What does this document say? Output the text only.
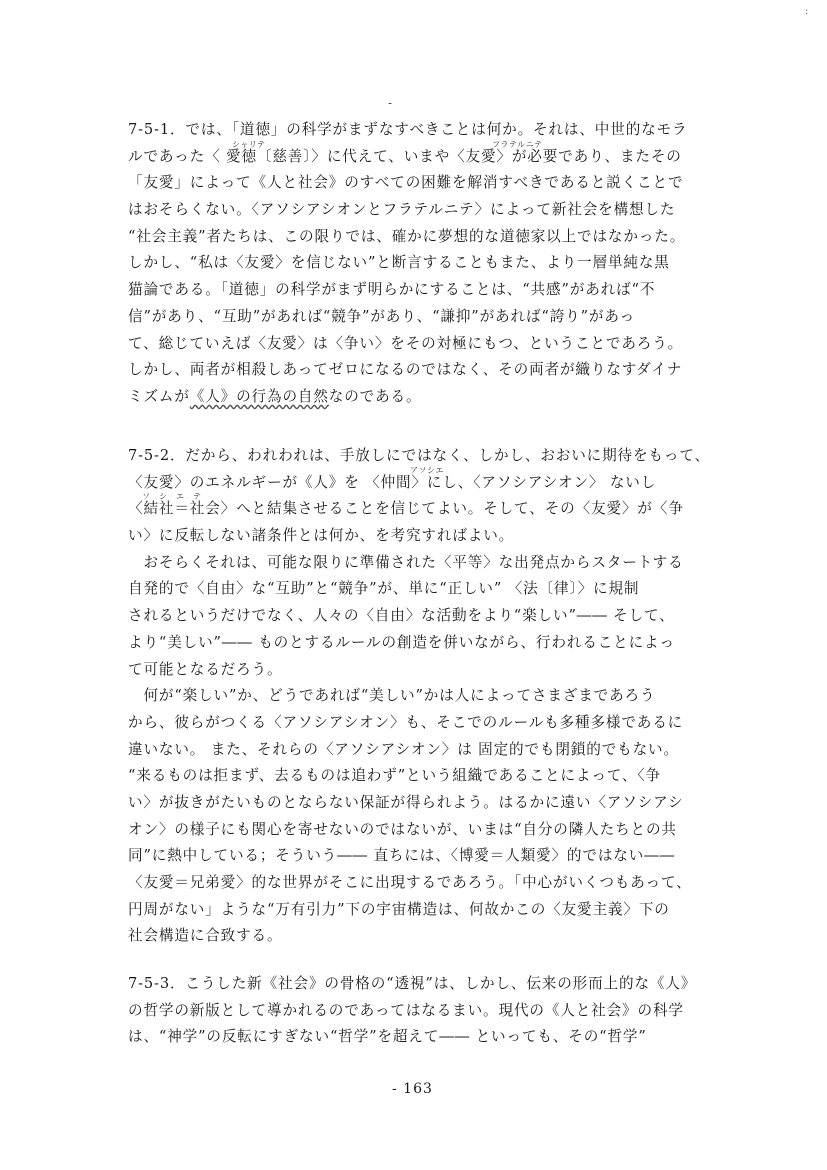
:
-
7-5-1．では、「道徳」の科学がまずなすべきことは何か。それは、中世的なモラ

シャリテ

	フラテルニテ

ルであった〈 愛徳〔慈善〕〉に代えて、いまや〈友愛〉が必要であり、またその
「友愛」によって《人と社会》のすべての困難を解消すべきであると説くことで
はおそらくない。〈アソシアシオンとフラテルニテ〉によって新社会を構想した
“社会主義”者たちは、この限りでは、確かに夢想的な道徳家以上ではなかった。
しかし、“私は〈友愛〉を信じない”と断言することもまた、より一層単純な黒
猫論である。「道徳」の科学がまず明らかにすることは、“共感”があれば“不
信”があり、“互助”があれば“競争”があり、“謙抑”があれば“誇り”があっ
て、総じていえば〈友愛〉は〈争い〉をその対極にもつ、ということであろう。
しかし、両者が相殺しあってゼロになるのではなく、その両者が織りなすダイナ
ミズムが《人》の行為の自然なのである。
7-5-2．だから、われわれは、手放しにではなく、しかし、おおいに期待をもって、

アソシエ

〈友愛〉のエネルギーが《人》を 〈仲間〉にし、〈アソシアシオン〉 ないし

ソ　シ　エ　テ

〈結社＝社会〉へと結集させることを信じてよい。そして、その〈友愛〉が〈争
い〉に反転しない諸条件とは何か、を考究すればよい。
　おそらくそれは、可能な限りに準備された〈平等〉な出発点からスタートする
自発的で〈自由〉な“互助”と“競争”が、単に“正しい” 〈法〔律〕〉に規制
されるというだけでなく、人々の〈自由〉な活動をより“楽しい”―― そして、
より“美しい”―― ものとするルールの創造を併いながら、行われることによっ
て可能となるだろう。
　何が“楽しい”か、どうであれば“美しい”かは人によってさまざまであろう
から、彼らがつくる〈アソシアシオン〉も、そこでのルールも多種多様であるに
違いない。 また、それらの〈アソシアシオン〉は 固定的でも閉鎖的でもない。
“来るものは拒まず、去るものは追わず”という組織であることによって、〈争
い〉が抜きがたいものとならない保証が得られよう。はるかに遠い〈アソシアシ
オン〉の様子にも関心を寄せないのではないが、いまは“自分の隣人たちとの共
同”に熱中している；そういう―― 直ちには、〈博愛＝人類愛〉的ではない――
〈友愛＝兄弟愛〉的な世界がそこに出現するであろう。「中心がいくつもあって、
円周がない」ような“万有引力”下の宇宙構造は、何故かこの〈友愛主義〉下の
社会構造に合致する。
7-5-3．こうした新《社会》の骨格の“透視”は、しかし、伝来の形而上的な《人》
の哲学の新版として導かれるのであってはなるまい。現代の《人と社会》の科学
は、“神学”の反転にすぎない“哲学”を超えて―― といっても、その“哲学”
- 163
